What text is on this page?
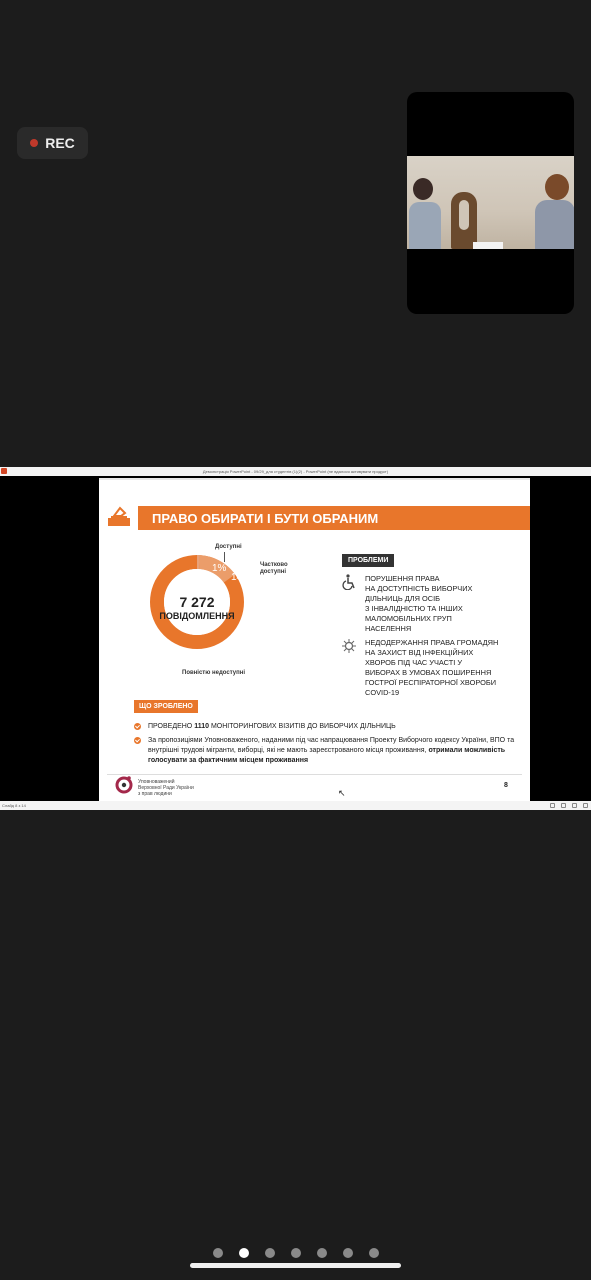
REC
Демонстрація PowerPoint - 09/29_для студентів (1)(2) - PowerPoint (не вдалося активувати продукт)
ПРАВО ОБИРАТИ І БУТИ ОБРАНИМ
7 272
ПОВІДОМЛЕННЯ
1%
14%
85%
Доступні
Частково доступні
Повністю недоступні
ПРОБЛЕМИ
ПОРУШЕННЯ ПРАВА
НА ДОСТУПНІСТЬ ВИБОРЧИХ
ДІЛЬНИЦЬ ДЛЯ ОСІБ
З ІНВАЛІДНІСТЮ ТА ІНШИХ
МАЛОМОБІЛЬНИХ ГРУП
НАСЕЛЕННЯ
НЕДОДЕРЖАННЯ ПРАВА ГРОМАДЯН
НА ЗАХИСТ ВІД ІНФЕКЦІЙНИХ
ХВОРОБ ПІД ЧАС УЧАСТІ У
ВИБОРАХ В УМОВАХ ПОШИРЕННЯ
ГОСТРОЇ РЕСПІРАТОРНОЇ ХВОРОБИ
COVID-19
ЩО ЗРОБЛЕНО
ПРОВЕДЕНО 1110 МОНІТОРИНГОВИХ ВІЗИТІВ ДО ВИБОРЧИХ ДІЛЬНИЦЬ
За пропозиціями Уповноваженого, наданими під час напрацювання Проекту Виборчого кодексу України, ВПО та внутрішні трудові мігранти, виборці, які не мають зареєстрованого місця проживання, отримали можливість голосувати за фактичним місцем проживання
Уповноважений
Верховної Ради України
з прав людини
8
↖
Слайд 8 з 14
